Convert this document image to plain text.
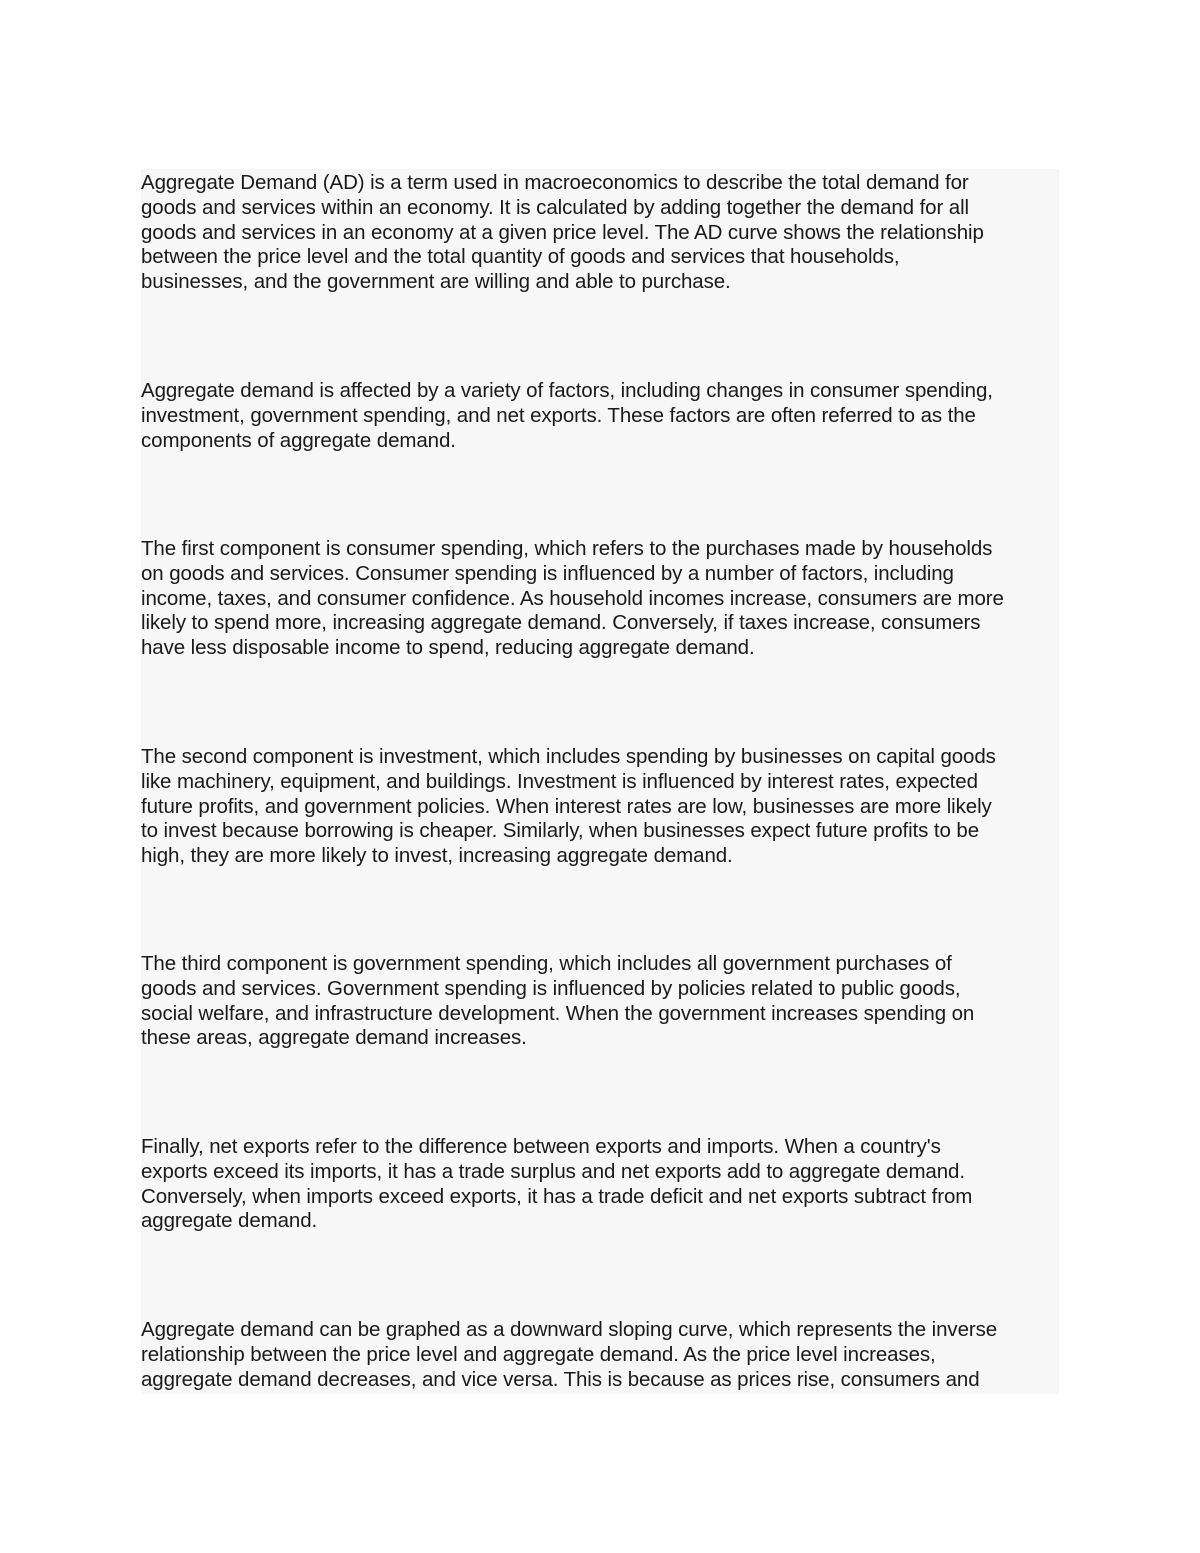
Aggregate Demand (AD) is a term used in macroeconomics to describe the total demand for
goods and services within an economy. It is calculated by adding together the demand for all
goods and services in an economy at a given price level. The AD curve shows the relationship
between the price level and the total quantity of goods and services that households,
businesses, and the government are willing and able to purchase.

Aggregate demand is affected by a variety of factors, including changes in consumer spending,
investment, government spending, and net exports. These factors are often referred to as the
components of aggregate demand.

The first component is consumer spending, which refers to the purchases made by households
on goods and services. Consumer spending is influenced by a number of factors, including
income, taxes, and consumer confidence. As household incomes increase, consumers are more
likely to spend more, increasing aggregate demand. Conversely, if taxes increase, consumers
have less disposable income to spend, reducing aggregate demand.

The second component is investment, which includes spending by businesses on capital goods
like machinery, equipment, and buildings. Investment is influenced by interest rates, expected
future profits, and government policies. When interest rates are low, businesses are more likely
to invest because borrowing is cheaper. Similarly, when businesses expect future profits to be
high, they are more likely to invest, increasing aggregate demand.

The third component is government spending, which includes all government purchases of
goods and services. Government spending is influenced by policies related to public goods,
social welfare, and infrastructure development. When the government increases spending on
these areas, aggregate demand increases.

Finally, net exports refer to the difference between exports and imports. When a country's
exports exceed its imports, it has a trade surplus and net exports add to aggregate demand.
Conversely, when imports exceed exports, it has a trade deficit and net exports subtract from
aggregate demand.

Aggregate demand can be graphed as a downward sloping curve, which represents the inverse
relationship between the price level and aggregate demand. As the price level increases,
aggregate demand decreases, and vice versa. This is because as prices rise, consumers and
